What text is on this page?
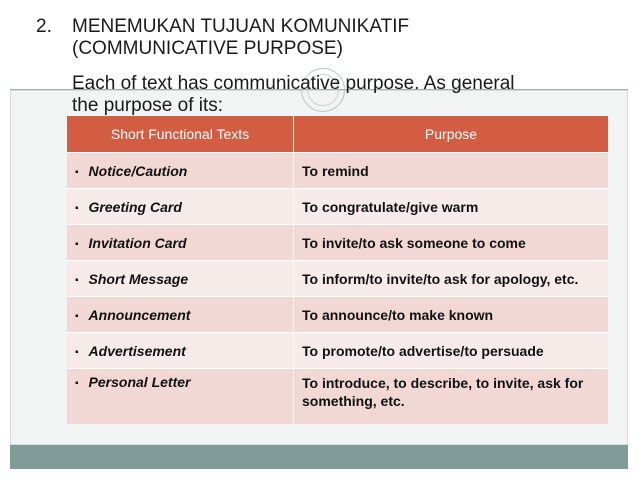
2. MENEMUKAN TUJUAN KOMUNIKATIF
(COMMUNICATIVE PURPOSE)
Each of text has communicative purpose. As general the purpose of its:
Short Functional Texts	Purpose
▪ Notice/Caution	To remind
▪ Greeting Card	To congratulate/give warm
▪ Invitation Card	To invite/to ask someone to come
▪ Short Message	To inform/to invite/to ask for apology, etc.
▪ Announcement	To announce/to make known
▪ Advertisement	To promote/to advertise/to persuade
▪ Personal Letter	To introduce, to describe, to invite, ask for something, etc.
